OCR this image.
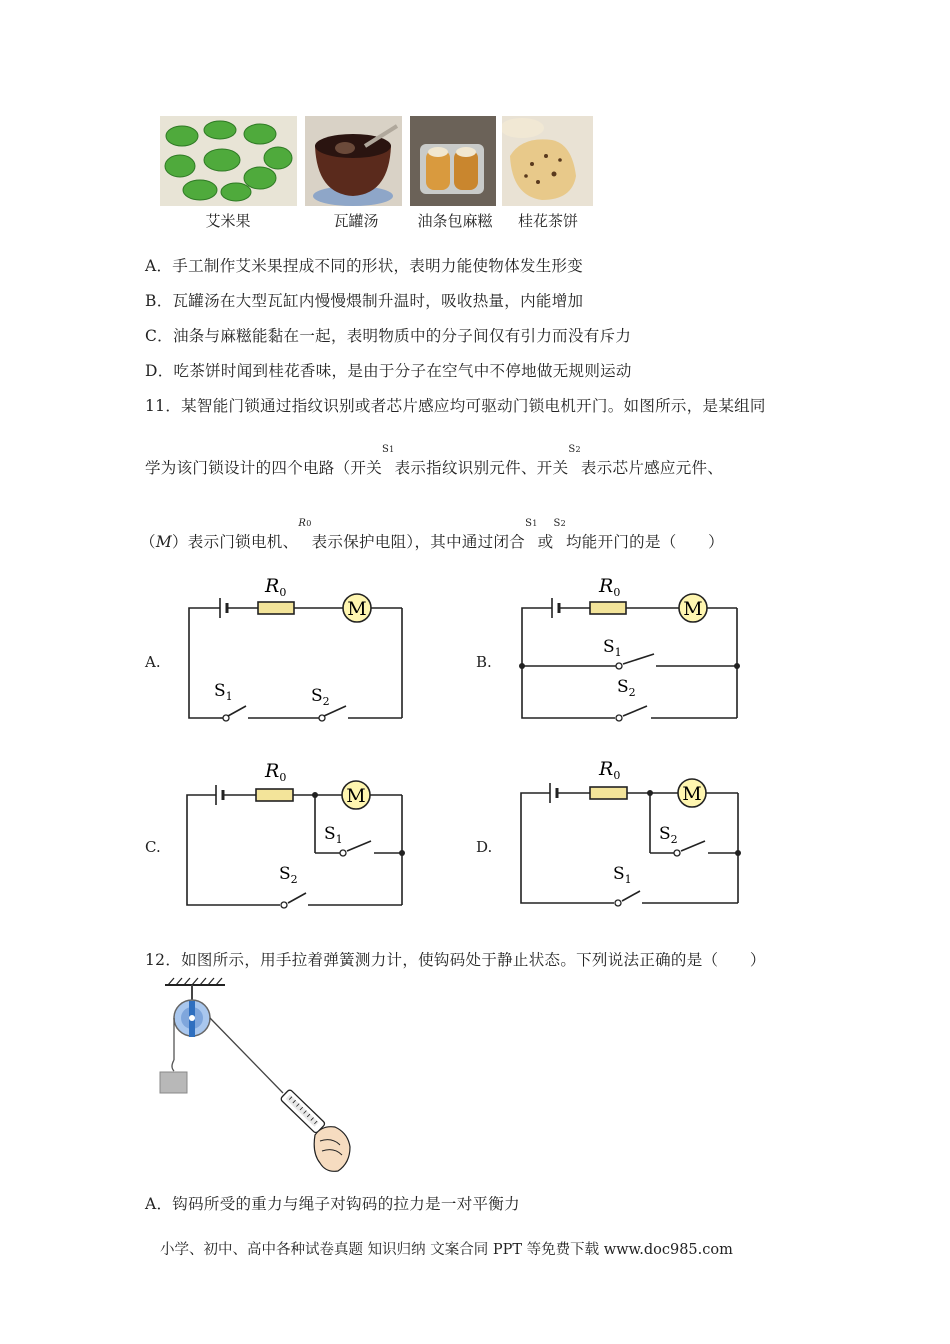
艾米果	瓦罐汤	油条包麻糍	桂花茶饼
A．手工制作艾米果捏成不同的形状，表明力能使物体发生形变
B．瓦罐汤在大型瓦缸内慢慢煨制升温时，吸收热量，内能增加
C．油条与麻糍能黏在一起，表明物质中的分子间仅有引力而没有斥力
D．吃茶饼时闻到桂花香味，是由于分子在空气中不停地做无规则运动
11．某智能门锁通过指纹识别或者芯片感应均可驱动门锁电机开门。如图所示，是某组同
学为该门锁设计的四个电路（开关$^{S1}$表示指纹识别元件、开关$^{S2}$表示芯片感应元件、
（M）表示门锁电机、$^{R0}$表示保护电阻），其中通过闭合$^{S1}$或$^{S2}$均能开门的是（　　）
A.	B.
C.	D.
$R_0$
M
$S_1$	$S_2$
$R_0$
M
$S_1$
$S_2$
$R_0$
M
$S_1$
$S_2$
$R_0$
M
$S_2$
$S_1$
12．如图所示，用手拉着弹簧测力计，使钩码处于静止状态。下列说法正确的是（　　）
A．钩码所受的重力与绳子对钩码的拉力是一对平衡力
小学、初中、高中各种试卷真题 知识归纳 文案合同 PPT 等免费下载 www.doc985.com
